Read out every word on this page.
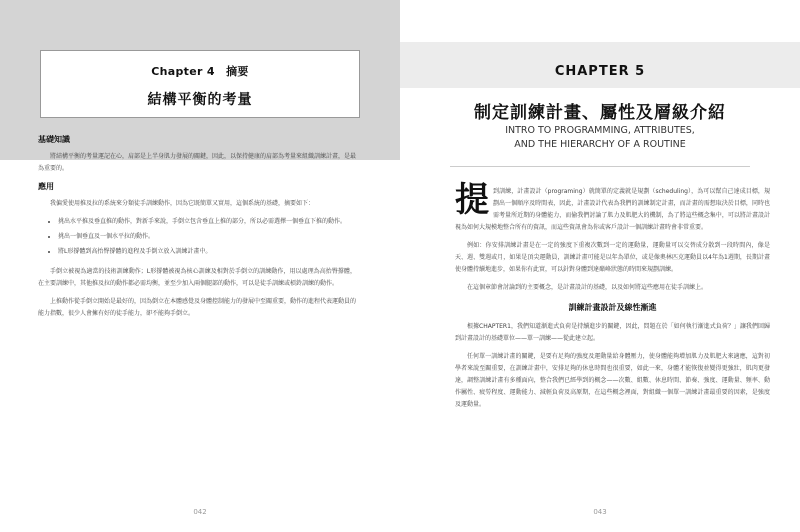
Chapter 4　摘要
結構平衡的考量
基礎知識

將結構平衡的考量運記在心，肩部是上半身肌力發展的關鍵，因此，以保持健康的肩部為考量來組織訓練計畫，是最為重要的。

應用

我偏愛使用推及拉的系統來分類徒手訓練動作，因為它既簡單又實用，這個系統的基礎，摘要如下：

• 挑出水平推及垂直推的動作，對新手來說，手倒立包含垂直上推的部分，所以必需選擇一個垂直下推的動作。
• 挑出一個垂直及一個水平拉的動作。
• 將L形撐體到高抬臀撐體的進程及手倒立放入訓練計畫中。

手倒立被視為適當的技術訓練動作；L形撐體被視為核心訓練及相對於手倒立的訓練動作，用以處理為高抬臀撐體，在主要訓練中，其他推及拉的動作都必需均衡，並至少加入兩個腿部的動作，可以是徒手訓練或槓鈴訓練的動作。

上推動作從手倒立開始是最好的，因為倒立在本體感覺及身體控制能力的發展中至關重要，動作的進程代表運動員的能力指數，很少人會擁有好的徒手能力，卻不能夠手倒立。

042
CHAPTER 5
制定訓練計畫、屬性及層級介紹
INTRO TO PROGRAMMING, ATTRIBUTES,
AND THE HIERARCHY OF A ROUTINE

提 到訓練，計畫設計（programing）就簡單的定義就是規劃（scheduling），為可以幫自己達成目標，規劃出一個順序及時間表，因此，計畫設計代表為我們的訓練制定計畫，而計畫的需想取決於目標，同時也需考量所近期的身體能力，而偷我們討論了肌力及肌肥大的機制，為了將這些概念集中，可以將計畫設計視為如何大規模地整合所有的資訊，而這些資訊會為你或客戶設計一個訓練計畫時會非常重要。

例如：你安排訓練計畫是在一定的強度下重複次數到一定的運動量，運動量可以交替成分散到一段時間內，像是天、週、雙週或月，如果是頂尖運動員，訓練計畫可能是以年為單位，或是像奧林匹克運動員以4年為1週期，長期計畫使身體持續地進步，如果你有此實，可以針對身體到達巔峰狀態的時間來規劃訓練。

在這個章節會討論到的主要概念，是計畫設計的基礎，以及如何將這些應用在徒手訓練上。

訓練計畫設計及線性漸進

根據CHAPTER1，我們知道漸進式負荷是持續進步的關鍵，因此，問題在於「如何執行漸進式負荷？」讓我們回歸到計畫設計的基礎單位——單一訓練——從此建立起。

任何單一訓練計畫的關鍵，是要有足夠的強度及運動量給身體壓力，使身體能夠增加肌力及肌肥大來適應，這對初學者來說至關重要，在訓練計畫中，安排足夠的休息時間也很重要，如此一來，身體才能恢復並變得更強壯，肌肉更發達，調整訓練計畫有多種面向，整合我們已經學到的概念——次數、組數、休息時間、節奏、強度、運動量、頻率、動作屬性、疲勞程度、運動能力、減輕負荷及高原期，在這些概念裡面，對組織一個單一訓練計畫最重要的因素，是強度及運動量。

043
